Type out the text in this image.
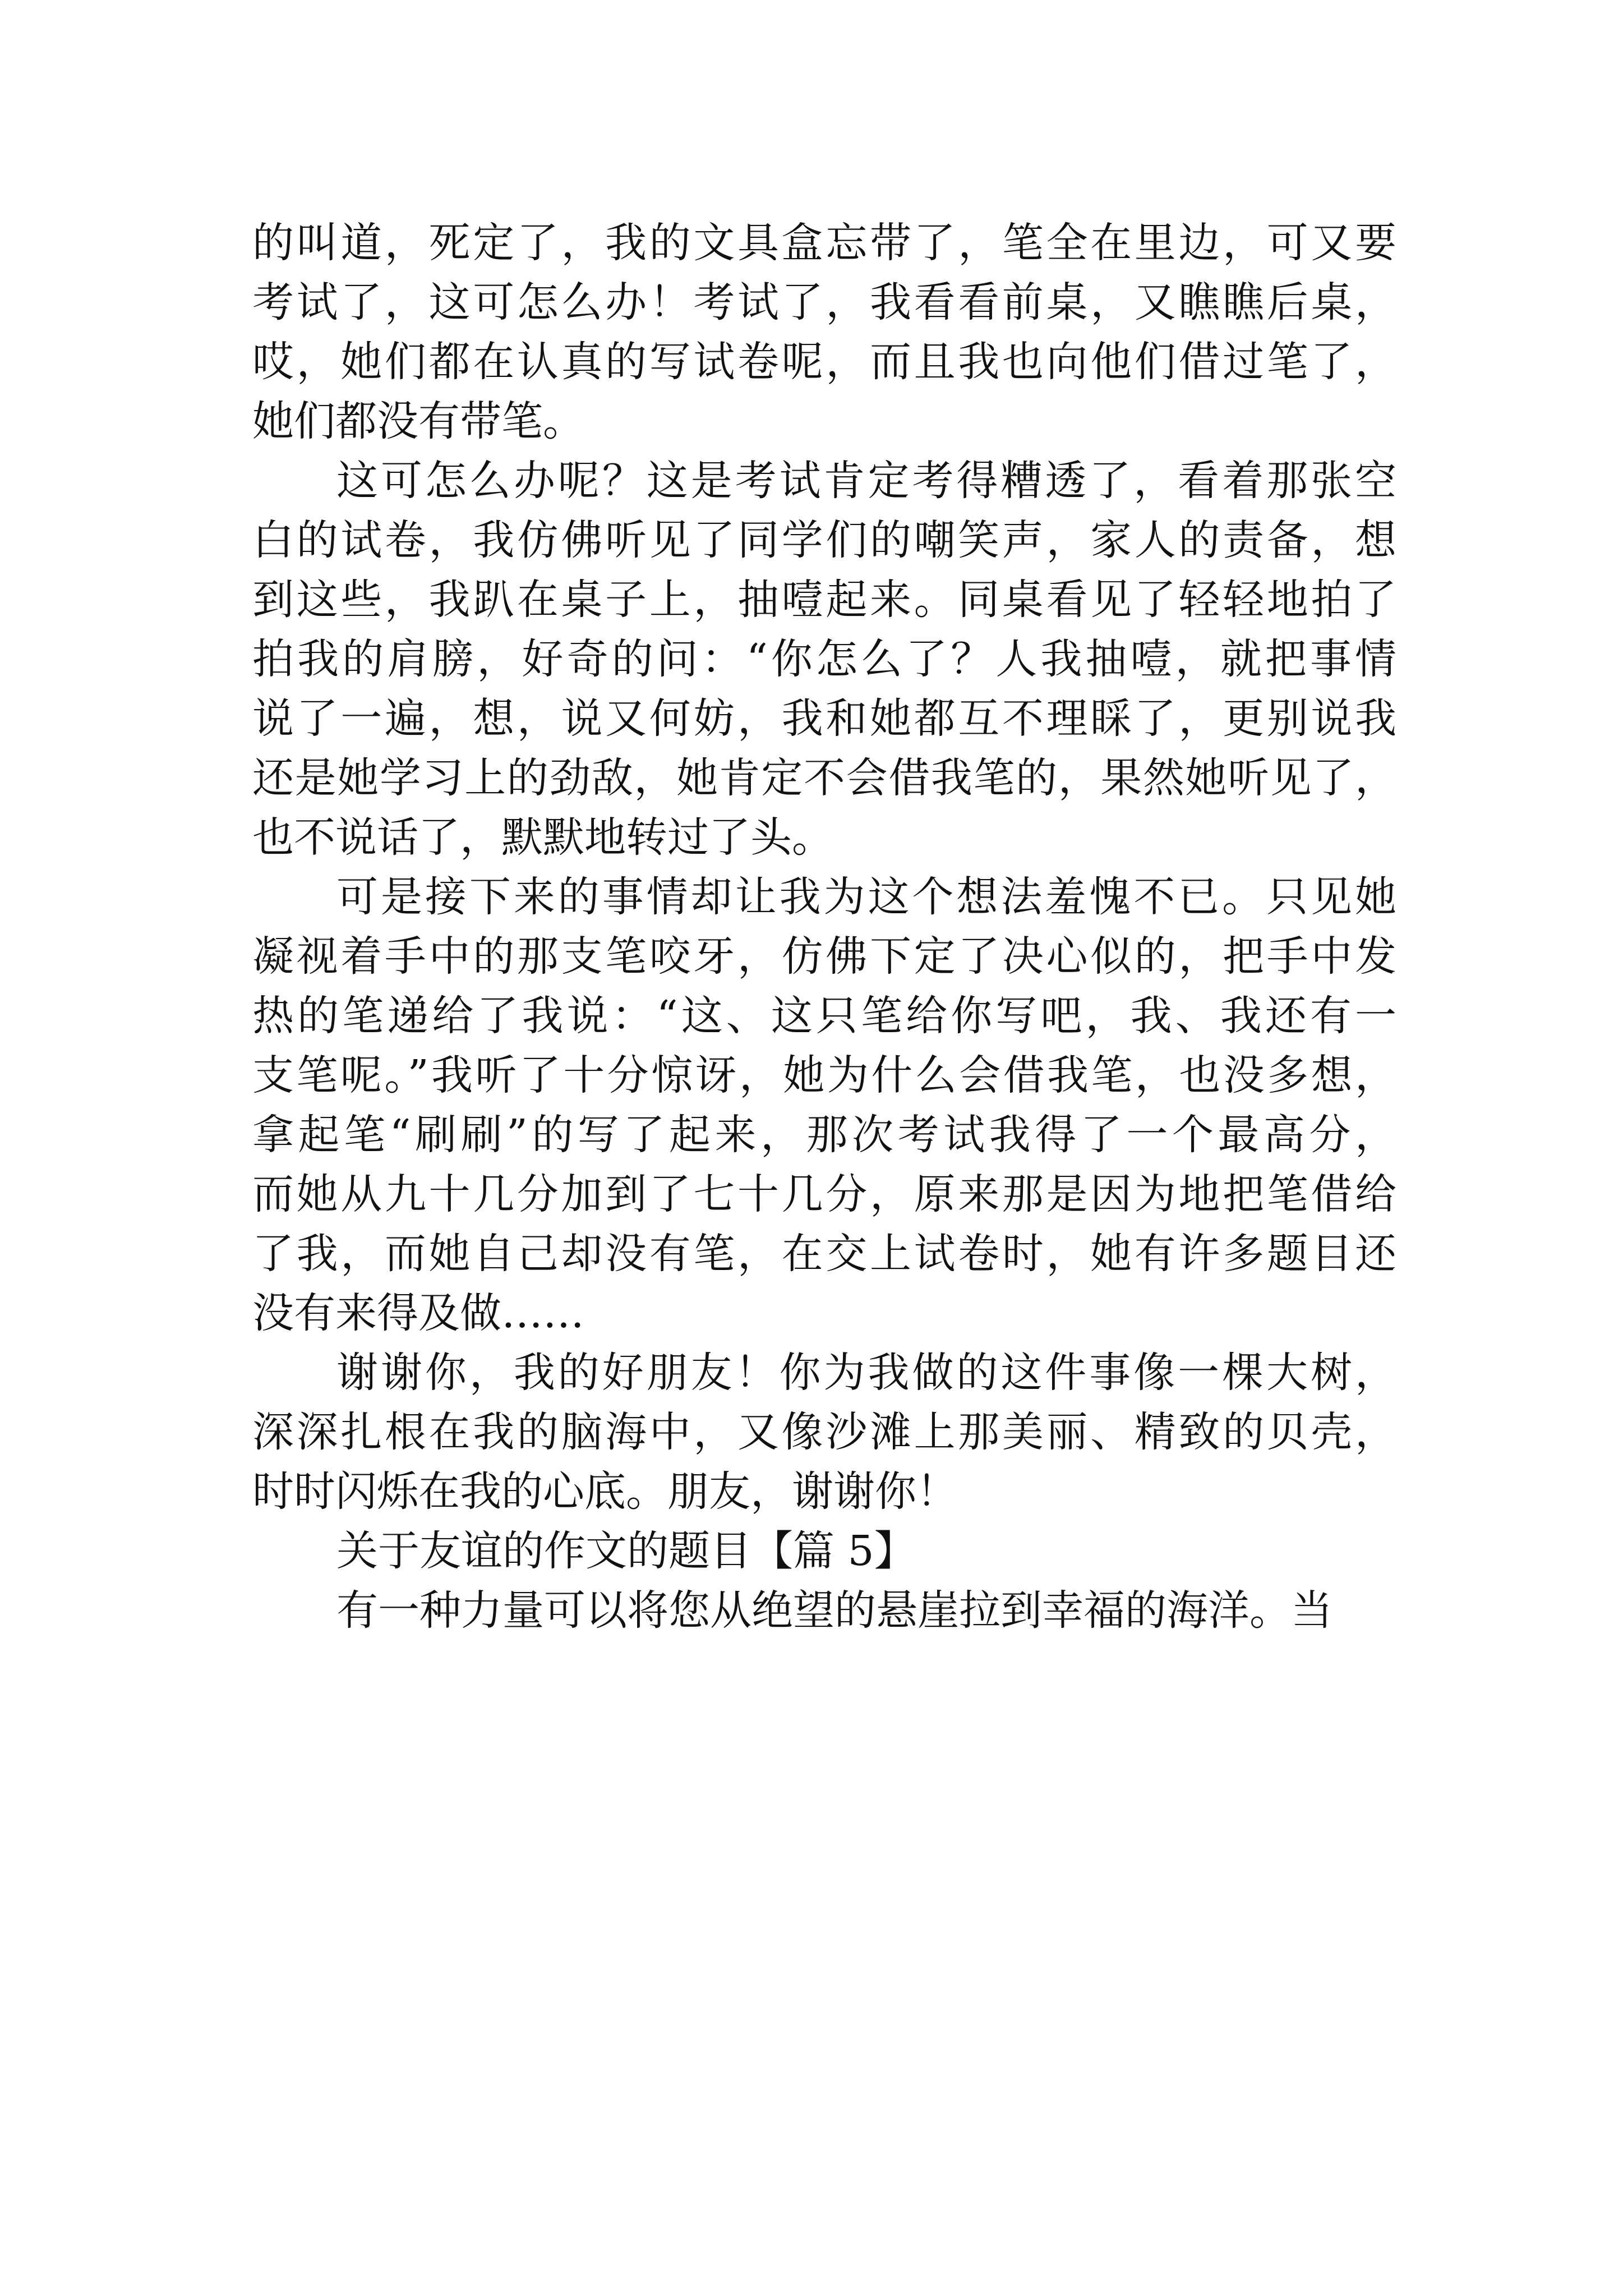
的叫道，死定了，我的文具盒忘带了，笔全在里边，可又要
考试了，这可怎么办！考试了，我看看前桌，又瞧瞧后桌，
哎，她们都在认真的写试卷呢，而且我也向他们借过笔了，
她们都没有带笔。
这可怎么办呢？这是考试肯定考得糟透了，看着那张空
白的试卷，我仿佛听见了同学们的嘲笑声，家人的责备，想
到这些，我趴在桌子上，抽噎起来。同桌看见了轻轻地拍了
拍我的肩膀，好奇的问：“你怎么了？人我抽噎，就把事情
说了一遍，想，说又何妨，我和她都互不理睬了，更别说我
还是她学习上的劲敌，她肯定不会借我笔的，果然她听见了，
也不说话了，默默地转过了头。
可是接下来的事情却让我为这个想法羞愧不已。只见她
凝视着手中的那支笔咬牙，仿佛下定了决心似的，把手中发
热的笔递给了我说：“这、这只笔给你写吧，我、我还有一
支笔呢。”我听了十分惊讶，她为什么会借我笔，也没多想，
拿起笔“刷刷”的写了起来，那次考试我得了一个最高分，
而她从九十几分加到了七十几分，原来那是因为地把笔借给
了我，而她自己却没有笔，在交上试卷时，她有许多题目还
没有来得及做……
谢谢你，我的好朋友！你为我做的这件事像一棵大树，
深深扎根在我的脑海中，又像沙滩上那美丽、精致的贝壳，
时时闪烁在我的心底。朋友，谢谢你！
关于友谊的作文的题目【篇 5】
有一种力量可以将您从绝望的悬崖拉到幸福的海洋。当
